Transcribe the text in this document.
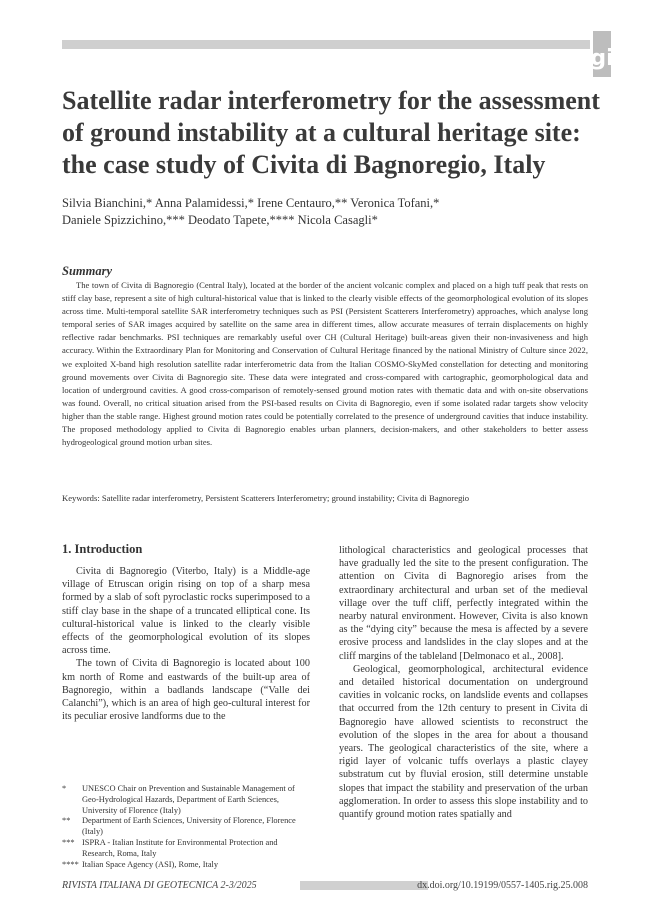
gi
Satellite radar interferometry for the assessment of ground instability at a cultural heritage site: the case study of Civita di Bagnoregio, Italy
Silvia Bianchini,* Anna Palamidessi,* Irene Centauro,** Veronica Tofani,*
Daniele Spizzichino,*** Deodato Tapete,**** Nicola Casagli*
Summary

The town of Civita di Bagnoregio (Central Italy), located at the border of the ancient volcanic complex and placed on a high tuff peak that rests on stiff clay base, represent a site of high cultural-historical value that is linked to the clearly visible effects of the geomorphological evolution of its slopes across time. Multi-temporal satellite SAR interferometry techniques such as PSI (Persistent Scatterers Interferometry) approaches, which analyse long temporal series of SAR images acquired by satellite on the same area in different times, allow accurate measures of terrain displacements on highly reflective radar benchmarks. PSI techniques are remarkably useful over CH (Cultural Heritage) built-areas given their non-invasiveness and high accuracy. Within the Extraordinary Plan for Monitoring and Conservation of Cultural Heritage financed by the national Ministry of Culture since 2022, we exploited X-band high resolution satellite radar interferometric data from the Italian COSMO-SkyMed constellation for detecting and monitoring ground movements over Civita di Bagnoregio site. These data were integrated and cross-compared with cartographic, geomorphological data and location of underground cavities. A good cross-comparison of remotely-sensed ground motion rates with thematic data and with on-site observations was found. Overall, no critical situation arised from the PSI-based results on Civita di Bagnoregio, even if some isolated radar targets show velocity higher than the stable range. Highest ground motion rates could be potentially correlated to the presence of underground cavities that induce instability. The proposed methodology applied to Civita di Bagnoregio enables urban planners, decision-makers, and other stakeholders to better assess hydrogeological ground motion urban sites.

Keywords: Satellite radar interferometry, Persistent Scatterers Interferometry; ground instability; Civita di Bagnoregio
1. Introduction

Civita di Bagnoregio (Viterbo, Italy) is a Middle-age village of Etruscan origin rising on top of a sharp mesa formed by a slab of soft pyroclastic rocks superimposed to a stiff clay base in the shape of a truncated elliptical cone. Its cultural-historical value is linked to the clearly visible effects of the geomorphological evolution of its slopes across time.

The town of Civita di Bagnoregio is located about 100 km north of Rome and eastwards of the built-up area of Bagnoregio, within a badlands landscape (“Valle dei Calanchi”), which is an area of high geo-cultural interest for its peculiar erosive landforms due to the

*	UNESCO Chair on Prevention and Sustainable Management of Geo-Hydrological Hazards, Department of Earth Sciences, University of Florence (Italy)
**	Department of Earth Sciences, University of Florence, Florence (Italy)
*** ISPRA - Italian Institute for Environmental Protection and Research, Roma, Italy
**** Italian Space Agency (ASI), Rome, Italy

lithological characteristics and geological processes that have gradually led the site to the present configuration. The attention on Civita di Bagnoregio arises from the extraordinary architectural and urban set of the medieval village over the tuff cliff, perfectly integrated within the nearby natural environment. However, Civita is also known as the “dying city” because the mesa is affected by a severe erosive process and landslides in the clay slopes and at the cliff margins of the tableland [Delmonaco et al., 2008].

Geological, geomorphological, architectural evidence and detailed historical documentation on underground cavities in volcanic rocks, on landslide events and collapses that occurred from the 12th century to present in Civita di Bagnoregio have allowed scientists to reconstruct the evolution of the slopes in the area for about a thousand years. The geological characteristics of the site, where a rigid layer of volcanic tuffs overlays a plastic clayey substratum cut by fluvial erosion, still determine unstable slopes that impact the stability and preservation of the urban agglomeration. In order to assess this slope instability and to quantify ground motion rates spatially and

RIVISTA ITALIANA DI GEOTECNICA 2-3/2025	dx.doi.org/10.19199/0557-1405.rig.25.008
